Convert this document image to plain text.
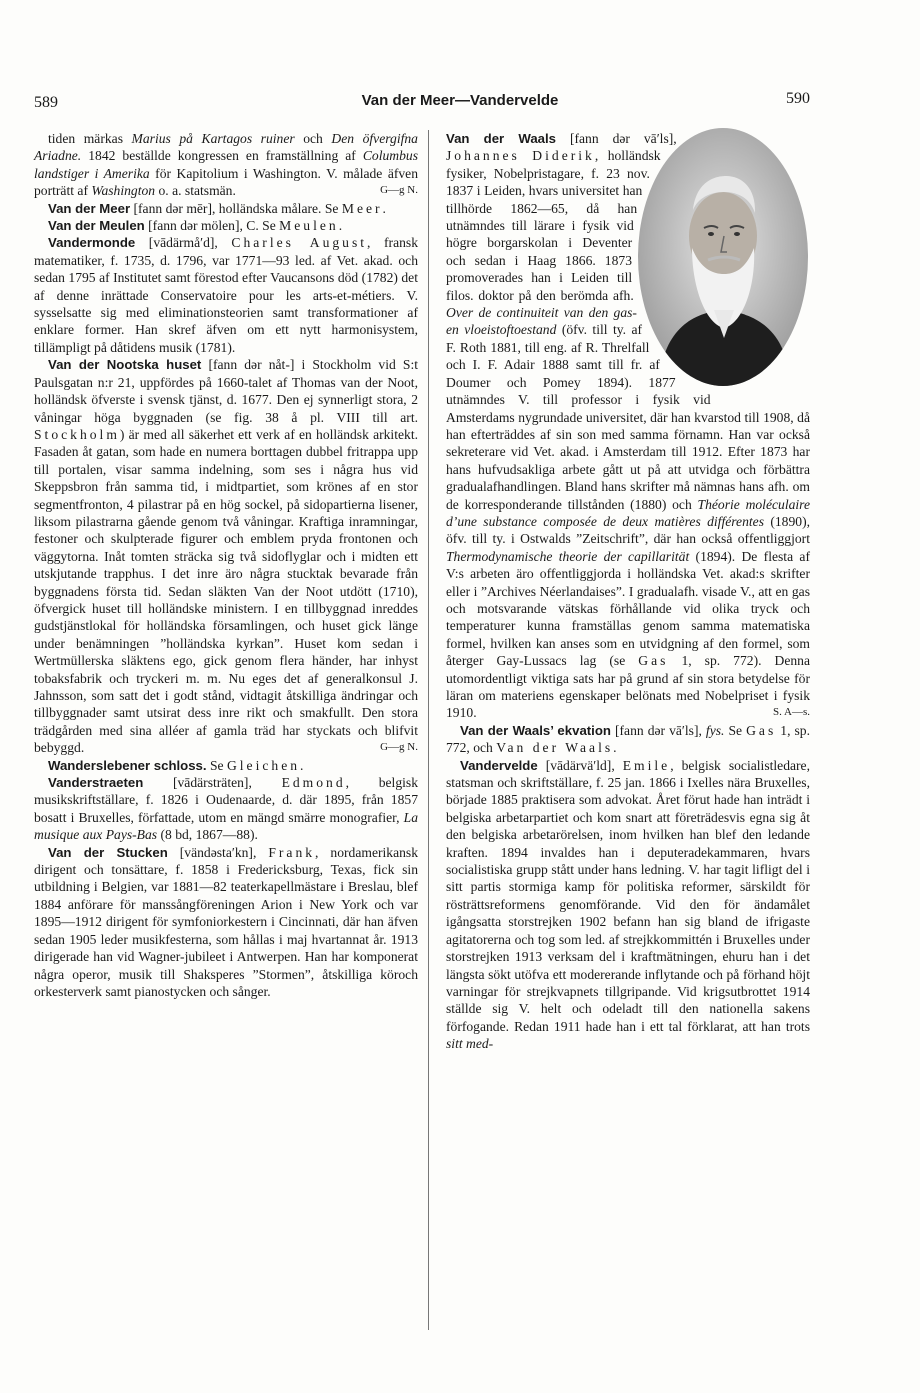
589	Van der Meer—Vandervelde	590

tiden märkas Marius på Kartagos ruiner och Den öfvergifna Ariadne. 1842 beställde kongressen en framställning af Columbus landstiger i Amerika för Kapitolium i Washington. V. målade äfven porträtt af Washington o. a. statsmän.	G—g N.

Van der Meer [fann dər mēr], holländska målare. Se Meer.

Van der Meulen [fann dər mölen], C. Se Meulen.

Vandermonde [vādärmå′d], Charles August, fransk matematiker, f. 1735, d. 1796, var 1771—93 led. af Vet. akad. och sedan 1795 af Institutet samt förestod efter Vaucansons död (1782) det af denne inrättade Conservatoire pour les arts-et-métiers. V. sysselsatte sig med eliminationsteorien samt transformationer af enklare former. Han skref äfven om ett nytt harmonisystem, tillämpligt på dåtidens musik (1781).

Van der Nootska huset [fann dər nåt-] i Stockholm vid S:t Paulsgatan n:r 21, uppfördes på 1660-talet af Thomas van der Noot, holländsk öfverste i svensk tjänst, d. 1677. Den ej synnerligt stora, 2 våningar höga byggnaden (se fig. 38 å pl. VIII till art. Stockholm) är med all säkerhet ett verk af en holländsk arkitekt. Fasaden åt gatan, som hade en numera borttagen dubbel fritrappa upp till portalen, visar samma indelning, som ses i några hus vid Skeppsbron från samma tid, i midtpartiet, som krönes af en stor segmentfronton, 4 pilastrar på en hög sockel, på sidopartierna lisener, liksom pilastrarna gående genom två våningar. Kraftiga inramningar, festoner och skulpterade figurer och emblem pryda frontonen och väggytorna. Inåt tomten sträcka sig två sidoflyglar och i midten ett utskjutande trapphus. I det inre äro några stucktak bevarade från byggnadens första tid. Sedan släkten Van der Noot utdött (1710), öfvergick huset till holländske ministern. I en tillbyggnad inreddes gudstjänstlokal för holländska församlingen, och huset gick länge under benämningen ”holländska kyrkan”. Huset kom sedan i Wertmüllerska släktens ego, gick genom flera händer, har inhyst tobaksfabrik och tryckeri m. m. Nu eges det af generalkonsul J. Jahnsson, som satt det i godt stånd, vidtagit åtskilliga ändringar och tillbyggnader samt utsirat dess inre rikt och smakfullt. Den stora trädgården med sina alléer af gamla träd har styckats och blifvit bebyggd.	G—g N.

Wanderslebener schloss. Se Gleichen.

Vanderstraeten [vādärsträten], Edmond, belgisk musikskriftställare, f. 1826 i Oudenaarde, d. där 1895, från 1857 bosatt i Bruxelles, författade, utom en mängd smärre monografier, La musique aux Pays-Bas (8 bd, 1867—88).

Van der Stucken [vändəsta′kn], Frank, nordamerikansk dirigent och tonsättare, f. 1858 i Fredericksburg, Texas, fick sin utbildning i Belgien, var 1881—82 teaterkapellmästare i Breslau, blef 1884 anförare för manssångföreningen Arion i New York och var 1895—1912 dirigent för symfoniorkestern i Cincinnati, där han äfven sedan 1905 leder musikfesterna, som hållas i maj hvartannat år. 1913 dirigerade han vid Wagner-jubileet i Antwerpen. Han har komponerat några operor, musik till Shaksperes ”Stormen”, åtskilliga köroch orkesterverk samt pianostycken och sånger.

Van der Waals [fann dər vā′ls], Johannes Diderik, holländsk fysiker, Nobelpristagare, f. 23 nov. 1837 i Leiden, hvars universitet han tillhörde 1862—65, då han utnämndes till lärare i fysik vid högre borgarskolan i Deventer och sedan i Haag 1866. 1873 promoverades han i Leiden till filos. doktor på den berömda afh. Over de continuiteit van den gas- en vloeistoftoestand (öfv. till ty. af F. Roth 1881, till eng. af R. Threlfall och I. F. Adair 1888 samt till fr. af Doumer och Pomey 1894). 1877 utnämndes V. till professor i fysik vid Amsterdams nygrundade universitet, där han kvarstod till 1908, då han efterträddes af sin son med samma förnamn. Han var också sekreterare vid Vet. akad. i Amsterdam till 1912. Efter 1873 har hans hufvudsakliga arbete gått ut på att utvidga och förbättra gradualafhandlingen. Bland hans skrifter må nämnas hans afh. om de korresponderande tillstånden (1880) och Théorie moléculaire d’une substance composée de deux matières différentes (1890), öfv. till ty. i Ostwalds ”Zeitschrift”, där han också offentliggjort Thermodynamische theorie der capillarität (1894). De flesta af V:s arbeten äro offentliggjorda i holländska Vet. akad:s skrifter eller i ”Archives Néerlandaises”. I gradualafh. visade V., att en gas och motsvarande vätskas förhållande vid olika tryck och temperaturer kunna framställas genom samma matematiska formel, hvilken kan anses som en utvidgning af den formel, som återger Gay-Lussacs lag (se Gas 1, sp. 772). Denna utomordentligt viktiga sats har på grund af sin stora betydelse för läran om materiens egenskaper belönats med Nobelpriset i fysik 1910.	S. A—s.

Van der Waals’ ekvation [fann dər vā′ls], fys. Se Gas 1, sp. 772, och Van der Waals.

Vandervelde [vādärvä′ld], Emile, belgisk socialistledare, statsman och skriftställare, f. 25 jan. 1866 i Ixelles nära Bruxelles, började 1885 praktisera som advokat. Året förut hade han inträdt i belgiska arbetarpartiet och kom snart att företrädesvis egna sig åt den belgiska arbetarörelsen, inom hvilken han blef den ledande kraften. 1894 invaldes han i deputeradekammaren, hvars socialistiska grupp stått under hans ledning. V. har tagit lifligt del i sitt partis stormiga kamp för politiska reformer, särskildt för rösträttsreformens genomförande. Vid den för ändamålet igångsatta storstrejken 1902 befann han sig bland de ifrigaste agitatorerna och tog som led. af strejkkommittén i Bruxelles under storstrejken 1913 verksam del i kraftmätningen, ehuru han i det längsta sökt utöfva ett modererande inflytande och på förhand höjt varningar för strejkvapnets tillgripande. Vid krigsutbrottet 1914 ställde sig V. helt och odeladt till den nationella sakens förfogande. Redan 1911 hade han i ett tal förklarat, att han trots sitt med-
